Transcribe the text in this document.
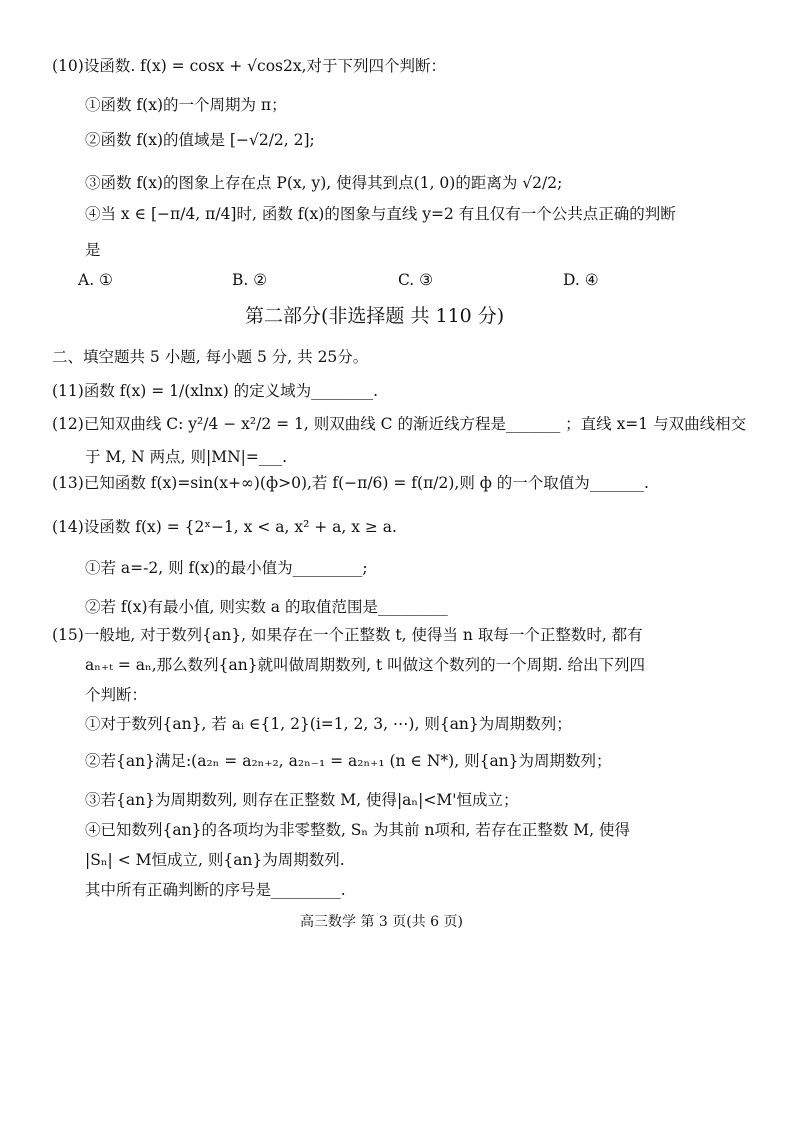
(10)设函数. f(x) = cosx + √cos2x,对于下列四个判断：
①函数 f(x)的一个周期为 π；
②函数 f(x)的值域是 [−√2/2, 2];
③函数 f(x)的图象上存在点 P(x, y), 使得其到点(1, 0)的距离为 √2/2;
④当 x ∈ [−π/4, π/4]时, 函数 f(x)的图象与直线 y=2 有且仅有一个公共点正确的判断
是
A. ①	B. ②	C. ③	D. ④
第二部分(非选择题 共 110 分)
二、填空题共 5 小题, 每小题 5 分, 共 25分。
(11)函数 f(x) = 1/(xlnx) 的定义域为________.
(12)已知双曲线 C: y²/4 − x²/2 = 1, 则双曲线 C 的渐近线方程是_______ ；直线 x=1 与双曲线相交
于 M, N 两点, 则|MN|=___.
(13)已知函数 f(x)=sin(x+∞)(ф>0),若 f(−π/6) = f(π/2),则 ф 的一个取值为_______.
(14)设函数 f(x) = {2ˣ−1, x < a, x² + a, x ≥ a.
①若 a=-2, 则 f(x)的最小值为_________;
②若 f(x)有最小值, 则实数 a 的取值范围是_________
(15)一般地, 对于数列{an}, 如果存在一个正整数 t, 使得当 n 取每一个正整数时, 都有
aₙ₊ₜ = aₙ,那么数列{an}就叫做周期数列, t 叫做这个数列的一个周期. 给出下列四
个判断：
①对于数列{an}, 若 aᵢ ∈{1, 2}(i=1, 2, 3, ⋯), 则{an}为周期数列；
②若{an}满足:(a₂ₙ = a₂ₙ₊₂, a₂ₙ₋₁ = a₂ₙ₊₁ (n ∈ N*), 则{an}为周期数列；
③若{an}为周期数列, 则存在正整数 M, 使得|aₙ|<M'恒成立；
④已知数列{an}的各项均为非零整数, Sₙ 为其前 n项和, 若存在正整数 M, 使得
|Sₙ| < M恒成立, 则{an}为周期数列.
其中所有正确判断的序号是_________.
高三数学 第 3 页(共 6 页)
